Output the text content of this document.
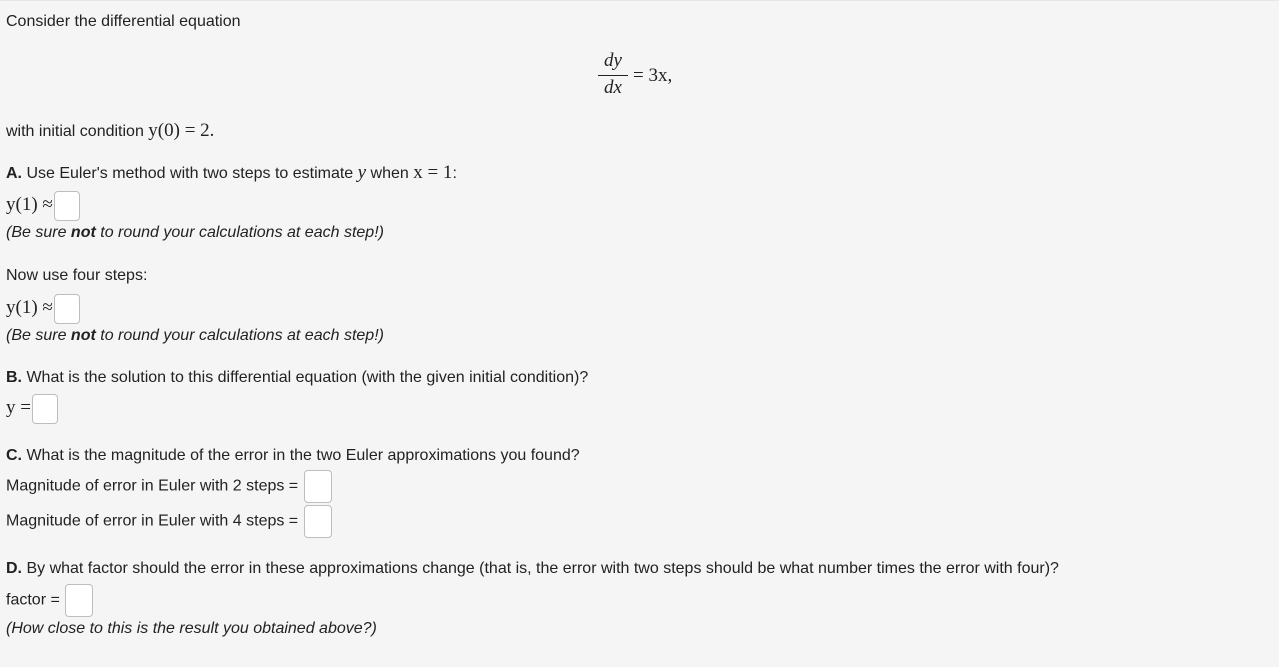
Consider the differential equation
$\frac{dy}{dx} = 3x$,
with initial condition y(0) = 2.
A. Use Euler's method with two steps to estimate y when x = 1:
y(1) ≈
(Be sure not to round your calculations at each step!)
Now use four steps:
y(1) ≈
(Be sure not to round your calculations at each step!)
B. What is the solution to this differential equation (with the given initial condition)?
y =
C. What is the magnitude of the error in the two Euler approximations you found?
Magnitude of error in Euler with 2 steps =
Magnitude of error in Euler with 4 steps =
D. By what factor should the error in these approximations change (that is, the error with two steps should be what number times the error with four)?
factor =
(How close to this is the result you obtained above?)
